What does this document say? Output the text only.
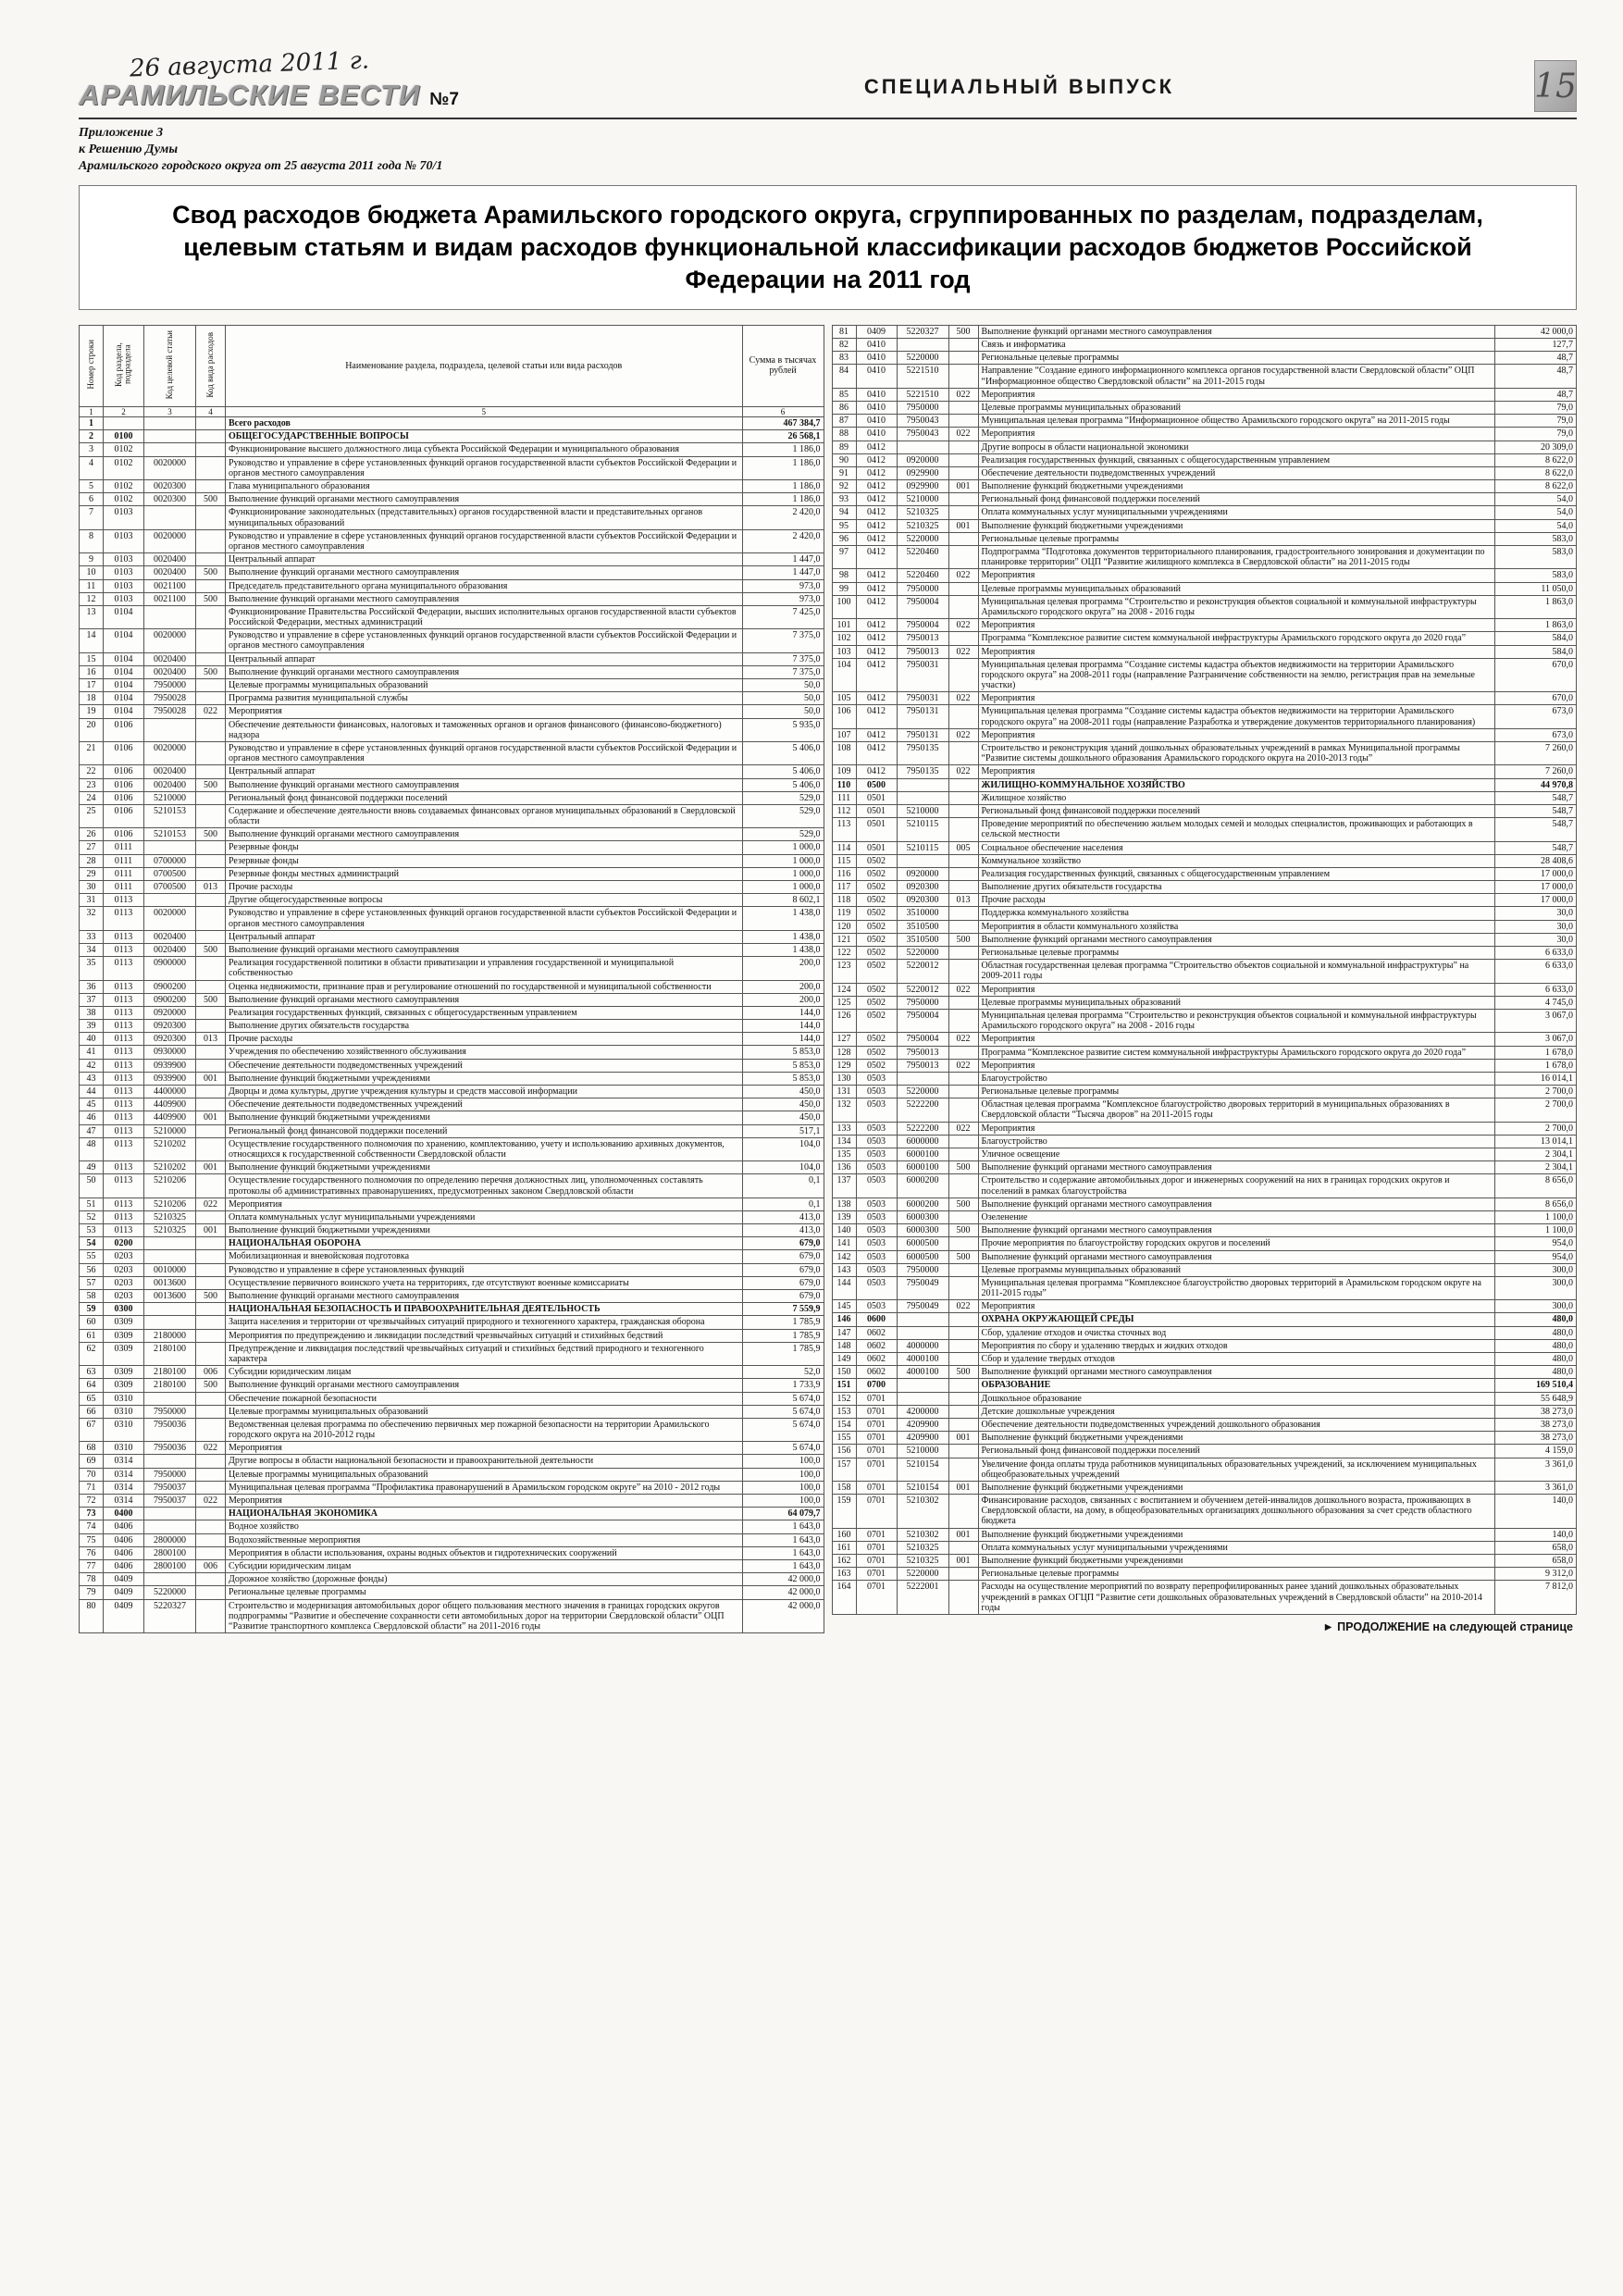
26 августа 2011 г.
АРАМИЛЬСКИЕ ВЕСТИ №7
СПЕЦИАЛЬНЫЙ ВЫПУСК	15
Приложение 3
к Решению Думы
Арамильского городского округа от 25 августа 2011 года № 70/1
Свод расходов бюджета Арамильского городского округа, сгруппированных по разделам, подразделам, целевым статьям и видам расходов функциональной классификации расходов бюджетов Российской Федерации на 2011 год
Номер строки	Код раздела, подраздела	Код целевой статьи	Код вида расходов	Наименование раздела, подраздела, целевой статьи или вида расходов	Сумма в тысячах рублей
1	2	3	4	5	6
1				Всего расходов	467 384,7
2	0100			ОБЩЕГОСУДАРСТВЕННЫЕ ВОПРОСЫ	26 568,1
3	0102			Функционирование высшего должностного лица субъекта Российской Федерации и муниципального образования	1 186,0
4	0102	0020000		Руководство и управление в сфере установленных функций органов государственной власти субъектов Российской Федерации и органов местного самоуправления	1 186,0
5	0102	0020300		Глава муниципального образования	1 186,0
6	0102	0020300	500	Выполнение функций органами местного самоуправления	1 186,0
7	0103			Функционирование законодательных (представительных) органов государственной власти и представительных органов муниципальных образований	2 420,0
8	0103	0020000		Руководство и управление в сфере установленных функций органов государственной власти субъектов Российской Федерации и органов местного самоуправления	2 420,0
9	0103	0020400		Центральный аппарат	1 447,0
10	0103	0020400	500	Выполнение функций органами местного самоуправления	1 447,0
11	0103	0021100		Председатель представительного органа муниципального образования	973,0
12	0103	0021100	500	Выполнение функций органами местного самоуправления	973,0
13	0104			Функционирование Правительства Российской Федерации, высших исполнительных органов государственной власти субъектов Российской Федерации, местных администраций	7 425,0
14	0104	0020000		Руководство и управление в сфере установленных функций органов государственной власти субъектов Российской Федерации и органов местного самоуправления	7 375,0
15	0104	0020400		Центральный аппарат	7 375,0
16	0104	0020400	500	Выполнение функций органами местного самоуправления	7 375,0
17	0104	7950000		Целевые программы муниципальных образований	50,0
18	0104	7950028		Программа развития муниципальной службы	50,0
19	0104	7950028	022	Мероприятия	50,0
20	0106			Обеспечение деятельности финансовых, налоговых и таможенных органов и органов финансового (финансово-бюджетного) надзора	5 935,0
21	0106	0020000		Руководство и управление в сфере установленных функций органов государственной власти субъектов Российской Федерации и органов местного самоуправления	5 406,0
22	0106	0020400		Центральный аппарат	5 406,0
23	0106	0020400	500	Выполнение функций органами местного самоуправления	5 406,0
24	0106	5210000		Региональный фонд финансовой поддержки поселений	529,0
25	0106	5210153		Содержание и обеспечение деятельности вновь создаваемых финансовых органов муниципальных образований в Свердловской области	529,0
26	0106	5210153	500	Выполнение функций органами местного самоуправления	529,0
27	0111			Резервные фонды	1 000,0
28	0111	0700000		Резервные фонды	1 000,0
29	0111	0700500		Резервные фонды местных администраций	1 000,0
30	0111	0700500	013	Прочие расходы	1 000,0
31	0113			Другие общегосударственные вопросы	8 602,1
32	0113	0020000		Руководство и управление в сфере установленных функций органов государственной власти субъектов Российской Федерации и органов местного самоуправления	1 438,0
33	0113	0020400		Центральный аппарат	1 438,0
34	0113	0020400	500	Выполнение функций органами местного самоуправления	1 438,0
35	0113	0900000		Реализация государственной политики в области приватизации и управления государственной и муниципальной собственностью	200,0
36	0113	0900200		Оценка недвижимости, признание прав и регулирование отношений по государственной и муниципальной собственности	200,0
37	0113	0900200	500	Выполнение функций органами местного самоуправления	200,0
38	0113	0920000		Реализация государственных функций, связанных с общегосударственным управлением	144,0
39	0113	0920300		Выполнение других обязательств государства	144,0
40	0113	0920300	013	Прочие расходы	144,0
41	0113	0930000		Учреждения по обеспечению хозяйственного обслуживания	5 853,0
42	0113	0939900		Обеспечение деятельности подведомственных учреждений	5 853,0
43	0113	0939900	001	Выполнение функций бюджетными учреждениями	5 853,0
44	0113	4400000		Дворцы и дома культуры, другие учреждения культуры и средств массовой информации	450,0
45	0113	4409900		Обеспечение деятельности подведомственных учреждений	450,0
46	0113	4409900	001	Выполнение функций бюджетными учреждениями	450,0
47	0113	5210000		Региональный фонд финансовой поддержки поселений	517,1
48	0113	5210202		Осуществление государственного полномочия по хранению, комплектованию, учету и использованию архивных документов, относящихся к государственной собственности Свердловской области	104,0
49	0113	5210202	001	Выполнение функций бюджетными учреждениями	104,0
50	0113	5210206		Осуществление государственного полномочия по определению перечня должностных лиц, уполномоченных составлять протоколы об административных правонарушениях, предусмотренных законом Свердловской области	0,1
51	0113	5210206	022	Мероприятия	0,1
52	0113	5210325		Оплата коммунальных услуг муниципальными учреждениями	413,0
53	0113	5210325	001	Выполнение функций бюджетными учреждениями	413,0
54	0200			НАЦИОНАЛЬНАЯ ОБОРОНА	679,0
55	0203			Мобилизационная и вневойсковая подготовка	679,0
56	0203	0010000		Руководство и управление в сфере установленных функций	679,0
57	0203	0013600		Осуществление первичного воинского учета на территориях, где отсутствуют военные комиссариаты	679,0
58	0203	0013600	500	Выполнение функций органами местного самоуправления	679,0
59	0300			НАЦИОНАЛЬНАЯ БЕЗОПАСНОСТЬ И ПРАВООХРАНИТЕЛЬНАЯ ДЕЯТЕЛЬНОСТЬ	7 559,9
60	0309			Защита населения и территории от чрезвычайных ситуаций природного и техногенного характера, гражданская оборона	1 785,9
61	0309	2180000		Мероприятия по предупреждению и ликвидации последствий чрезвычайных ситуаций и стихийных бедствий	1 785,9
62	0309	2180100		Предупреждение и ликвидация последствий чрезвычайных ситуаций и стихийных бедствий природного и техногенного характера	1 785,9
63	0309	2180100	006	Субсидии юридическим лицам	52,0
64	0309	2180100	500	Выполнение функций органами местного самоуправления	1 733,9
65	0310			Обеспечение пожарной безопасности	5 674,0
66	0310	7950000		Целевые программы муниципальных образований	5 674,0
67	0310	7950036		Ведомственная целевая программа по обеспечению первичных мер пожарной безопасности на территории Арамильского городского округа на 2010-2012 годы	5 674,0
68	0310	7950036	022	Мероприятия	5 674,0
69	0314			Другие вопросы в области национальной безопасности и правоохранительной деятельности	100,0
70	0314	7950000		Целевые программы муниципальных образований	100,0
71	0314	7950037		Муниципальная целевая программа “Профилактика правонарушений в Арамильском городском округе” на 2010 - 2012 годы	100,0
72	0314	7950037	022	Мероприятия	100,0
73	0400			НАЦИОНАЛЬНАЯ ЭКОНОМИКА	64 079,7
74	0406			Водное хозяйство	1 643,0
75	0406	2800000		Водохозяйственные мероприятия	1 643,0
76	0406	2800100		Мероприятия в области использования, охраны водных объектов и гидротехнических сооружений	1 643,0
77	0406	2800100	006	Субсидии юридическим лицам	1 643,0
78	0409			Дорожное хозяйство (дорожные фонды)	42 000,0
79	0409	5220000		Региональные целевые программы	42 000,0
80	0409	5220327		Строительство и модернизация автомобильных дорог общего пользования местного значения в границах городских округов подпрограммы “Развитие и обеспечение сохранности сети автомобильных дорог на территории Свердловской области” ОЦП “Развитие транспортного комплекса Свердловской области” на 2011-2016 годы	42 000,0
81	0409	5220327	500	Выполнение функций органами местного самоуправления	42 000,0
82	0410			Связь и информатика	127,7
83	0410	5220000		Региональные целевые программы	48,7
84	0410	5221510		Направление “Создание единого информационного комплекса органов государственной власти Свердловской области” ОЦП “Информационное общество Свердловской области” на 2011-2015 годы	48,7
85	0410	5221510	022	Мероприятия	48,7
86	0410	7950000		Целевые программы муниципальных образований	79,0
87	0410	7950043		Муниципальная целевая программа “Информационное общество Арамильского городского округа” на 2011-2015 годы	79,0
88	0410	7950043	022	Мероприятия	79,0
89	0412			Другие вопросы в области национальной экономики	20 309,0
90	0412	0920000		Реализация государственных функций, связанных с общегосударственным управлением	8 622,0
91	0412	0929900		Обеспечение деятельности подведомственных учреждений	8 622,0
92	0412	0929900	001	Выполнение функций бюджетными учреждениями	8 622,0
93	0412	5210000		Региональный фонд финансовой поддержки поселений	54,0
94	0412	5210325		Оплата коммунальных услуг муниципальными учреждениями	54,0
95	0412	5210325	001	Выполнение функций бюджетными учреждениями	54,0
96	0412	5220000		Региональные целевые программы	583,0
97	0412	5220460		Подпрограмма “Подготовка документов территориального планирования, градостроительного зонирования и документации по планировке территории” ОЦП “Развитие жилищного комплекса в Свердловской области” на 2011-2015 годы	583,0
98	0412	5220460	022	Мероприятия	583,0
99	0412	7950000		Целевые программы муниципальных образований	11 050,0
100	0412	7950004		Муниципальная целевая программа “Строительство и реконструкция объектов социальной и коммунальной инфраструктуры Арамильского городского округа” на 2008 - 2016 годы	1 863,0
101	0412	7950004	022	Мероприятия	1 863,0
102	0412	7950013		Программа “Комплексное развитие систем коммунальной инфраструктуры Арамильского городского округа до 2020 года”	584,0
103	0412	7950013	022	Мероприятия	584,0
104	0412	7950031		Муниципальная целевая программа “Создание системы кадастра объектов недвижимости на территории Арамильского городского округа” на 2008-2011 годы (направление Разграничение собственности на землю, регистрация прав на земельные участки)	670,0
105	0412	7950031	022	Мероприятия	670,0
106	0412	7950131		Муниципальная целевая программа “Создание системы кадастра объектов недвижимости на территории Арамильского городского округа” на 2008-2011 годы (направление Разработка и утверждение документов территориального планирования)	673,0
107	0412	7950131	022	Мероприятия	673,0
108	0412	7950135		Строительство и реконструкция зданий дошкольных образовательных учреждений в рамках Муниципальной программы “Развитие системы дошкольного образования Арамильского городского округа на 2010-2013 годы”	7 260,0
109	0412	7950135	022	Мероприятия	7 260,0
110	0500			ЖИЛИЩНО-КОММУНАЛЬНОЕ ХОЗЯЙСТВО	44 970,8
111	0501			Жилищное хозяйство	548,7
112	0501	5210000		Региональный фонд финансовой поддержки поселений	548,7
113	0501	5210115		Проведение мероприятий по обеспечению жильем молодых семей и молодых специалистов, проживающих и работающих в сельской местности	548,7
114	0501	5210115	005	Социальное обеспечение населения	548,7
115	0502			Коммунальное хозяйство	28 408,6
116	0502	0920000		Реализация государственных функций, связанных с общегосударственным управлением	17 000,0
117	0502	0920300		Выполнение других обязательств государства	17 000,0
118	0502	0920300	013	Прочие расходы	17 000,0
119	0502	3510000		Поддержка коммунального хозяйства	30,0
120	0502	3510500		Мероприятия в области коммунального хозяйства	30,0
121	0502	3510500	500	Выполнение функций органами местного самоуправления	30,0
122	0502	5220000		Региональные целевые программы	6 633,0
123	0502	5220012		Областная государственная целевая программа “Строительство объектов социальной и коммунальной инфраструктуры” на 2009-2011 годы	6 633,0
124	0502	5220012	022	Мероприятия	6 633,0
125	0502	7950000		Целевые программы муниципальных образований	4 745,0
126	0502	7950004		Муниципальная целевая программа “Строительство и реконструкция объектов социальной и коммунальной инфраструктуры Арамильского городского округа” на 2008 - 2016 годы	3 067,0
127	0502	7950004	022	Мероприятия	3 067,0
128	0502	7950013		Программа “Комплексное развитие систем коммунальной инфраструктуры Арамильского городского округа до 2020 года”	1 678,0
129	0502	7950013	022	Мероприятия	1 678,0
130	0503			Благоустройство	16 014,1
131	0503	5220000		Региональные целевые программы	2 700,0
132	0503	5222200		Областная целевая программа “Комплексное благоустройство дворовых территорий в муниципальных образованиях в Свердловской области “Тысяча дворов” на 2011-2015 годы	2 700,0
133	0503	5222200	022	Мероприятия	2 700,0
134	0503	6000000		Благоустройство	13 014,1
135	0503	6000100		Уличное освещение	2 304,1
136	0503	6000100	500	Выполнение функций органами местного самоуправления	2 304,1
137	0503	6000200		Строительство и содержание автомобильных дорог и инженерных сооружений на них в границах городских округов и поселений в рамках благоустройства	8 656,0
138	0503	6000200	500	Выполнение функций органами местного самоуправления	8 656,0
139	0503	6000300		Озеленение	1 100,0
140	0503	6000300	500	Выполнение функций органами местного самоуправления	1 100,0
141	0503	6000500		Прочие мероприятия по благоустройству городских округов и поселений	954,0
142	0503	6000500	500	Выполнение функций органами местного самоуправления	954,0
143	0503	7950000		Целевые программы муниципальных образований	300,0
144	0503	7950049		Муниципальная целевая программа “Комплексное благоустройство дворовых территорий в Арамильском городском округе на 2011-2015 годы”	300,0
145	0503	7950049	022	Мероприятия	300,0
146	0600			ОХРАНА ОКРУЖАЮЩЕЙ СРЕДЫ	480,0
147	0602			Сбор, удаление отходов и очистка сточных вод	480,0
148	0602	4000000		Мероприятия по сбору и удалению твердых и жидких отходов	480,0
149	0602	4000100		Сбор и удаление твердых отходов	480,0
150	0602	4000100	500	Выполнение функций органами местного самоуправления	480,0
151	0700			ОБРАЗОВАНИЕ	169 510,4
152	0701			Дошкольное образование	55 648,9
153	0701	4200000		Детские дошкольные учреждения	38 273,0
154	0701	4209900		Обеспечение деятельности подведомственных учреждений дошкольного образования	38 273,0
155	0701	4209900	001	Выполнение функций бюджетными учреждениями	38 273,0
156	0701	5210000		Региональный фонд финансовой поддержки поселений	4 159,0
157	0701	5210154		Увеличение фонда оплаты труда работников муниципальных образовательных учреждений, за исключением муниципальных общеобразовательных учреждений	3 361,0
158	0701	5210154	001	Выполнение функций бюджетными учреждениями	3 361,0
159	0701	5210302		Финансирование расходов, связанных с воспитанием и обучением детей-инвалидов дошкольного возраста, проживающих в Свердловской области, на дому, в общеобразовательных организациях дошкольного образования за счет средств областного бюджета	140,0
160	0701	5210302	001	Выполнение функций бюджетными учреждениями	140,0
161	0701	5210325		Оплата коммунальных услуг муниципальными учреждениями	658,0
162	0701	5210325	001	Выполнение функций бюджетными учреждениями	658,0
163	0701	5220000		Региональные целевые программы	9 312,0
164	0701	5222001		Расходы на осуществление мероприятий по возврату перепрофилированных ранее зданий дошкольных образовательных учреждений в рамках ОГЦП “Развитие сети дошкольных образовательных учреждений в Свердловской области” на 2010-2014 годы	7 812,0
► ПРОДОЛЖЕНИЕ на следующей странице
